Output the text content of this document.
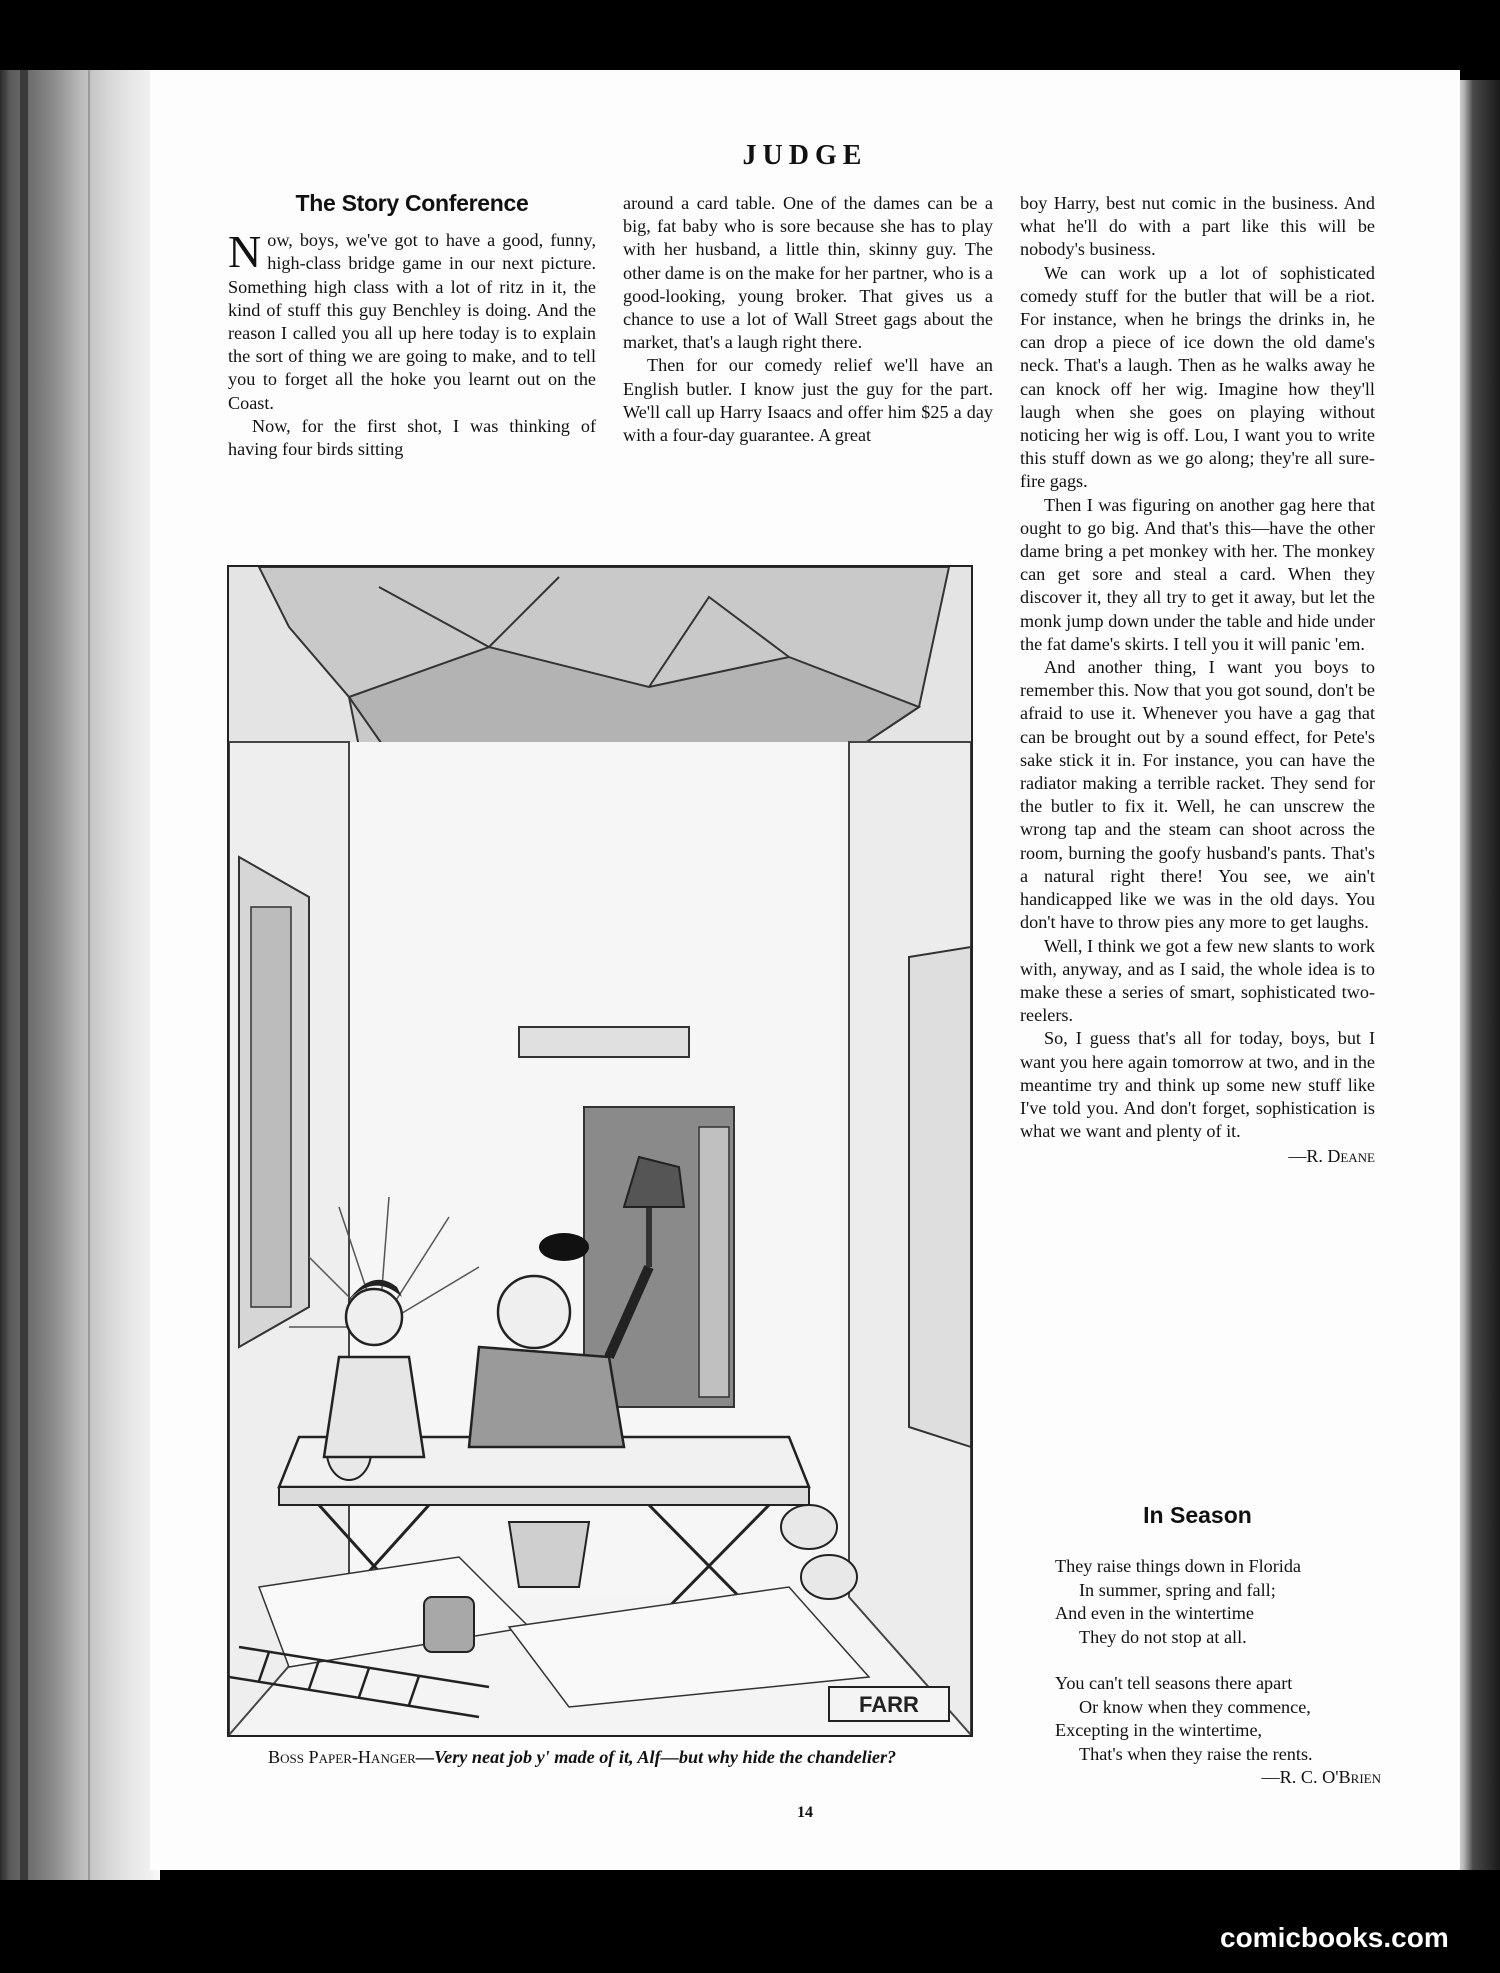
JUDGE
The Story Conference

Now, boys, we've got to have a good, funny, high-class bridge game in our next picture. Something high class with a lot of ritz in it, the kind of stuff this guy Benchley is doing. And the reason I called you all up here today is to explain the sort of thing we are going to make, and to tell you to forget all the hoke you learnt out on the Coast.

Now, for the first shot, I was thinking of having four birds sitting

around a card table. One of the dames can be a big, fat baby who is sore because she has to play with her husband, a little thin, skinny guy. The other dame is on the make for her partner, who is a good-looking, young broker. That gives us a chance to use a lot of Wall Street gags about the market, that's a laugh right there.

Then for our comedy relief we'll have an English butler. I know just the guy for the part. We'll call up Harry Isaacs and offer him $25 a day with a four-day guarantee. A great

boy Harry, best nut comic in the business. And what he'll do with a part like this will be nobody's business.

We can work up a lot of sophisticated comedy stuff for the butler that will be a riot. For instance, when he brings the drinks in, he can drop a piece of ice down the old dame's neck. That's a laugh. Then as he walks away he can knock off her wig. Imagine how they'll laugh when she goes on playing without noticing her wig is off. Lou, I want you to write this stuff down as we go along; they're all sure-fire gags.

Then I was figuring on another gag here that ought to go big. And that's this—have the other dame bring a pet monkey with her. The monkey can get sore and steal a card. When they discover it, they all try to get it away, but let the monk jump down under the table and hide under the fat dame's skirts. I tell you it will panic 'em.

And another thing, I want you boys to remember this. Now that you got sound, don't be afraid to use it. Whenever you have a gag that can be brought out by a sound effect, for Pete's sake stick it in. For instance, you can have the radiator making a terrible racket. They send for the butler to fix it. Well, he can unscrew the wrong tap and the steam can shoot across the room, burning the goofy husband's pants. That's a natural right there! You see, we ain't handicapped like we was in the old days. You don't have to throw pies any more to get laughs.

Well, I think we got a few new slants to work with, anyway, and as I said, the whole idea is to make these a series of smart, sophisticated two-reelers.

So, I guess that's all for today, boys, but I want you here again tomorrow at two, and in the meantime try and think up some new stuff like I've told you. And don't forget, sophistication is what we want and plenty of it.

—R. Deane
FARR
Boss Paper-Hanger—Very neat job y' made of it, Alf—but why hide the chandelier?
In Season
They raise things down in Florida
In summer, spring and fall;
And even in the wintertime
They do not stop at all.
You can't tell seasons there apart
Or know when they commence,
Excepting in the wintertime,
That's when they raise the rents.
—R. C. O'Brien
14
comicbooks.com
